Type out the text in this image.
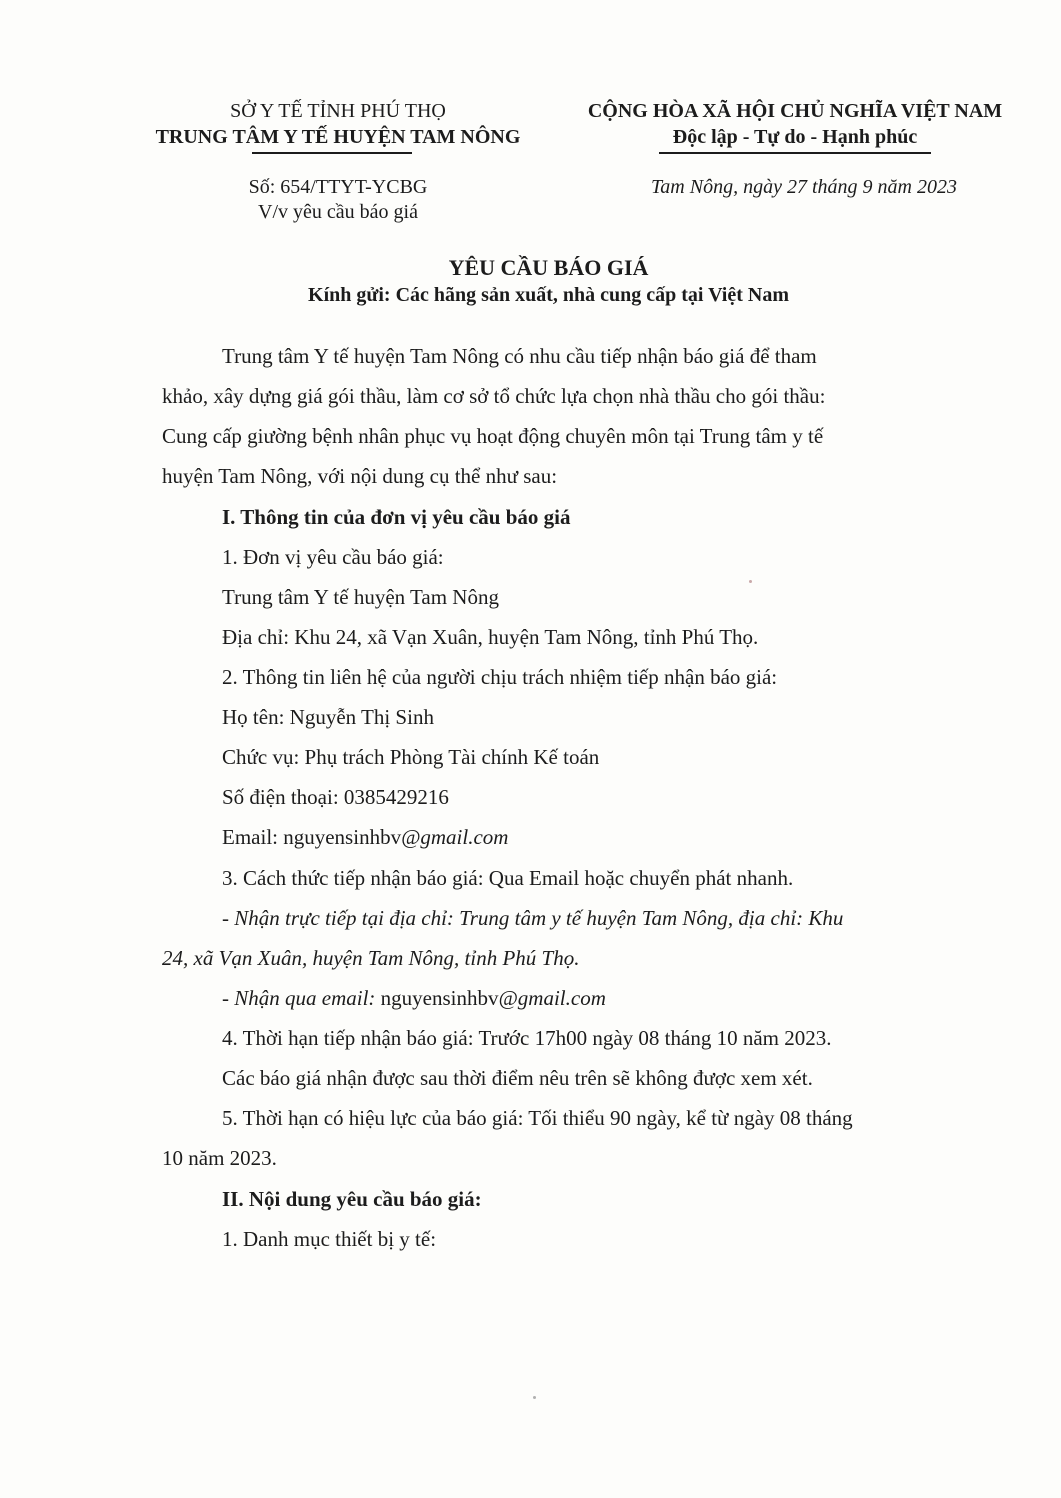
SỞ Y TẾ TỈNH PHÚ THỌ
TRUNG TÂM Y TẾ HUYỆN TAM NÔNG
CỘNG HÒA XÃ HỘI CHỦ NGHĨA VIỆT NAM
Độc lập - Tự do - Hạnh phúc
Số: 654/TTYT-YCBG
V/v yêu cầu báo giá
Tam Nông, ngày 27 tháng 9 năm 2023
YÊU CẦU BÁO GIÁ
Kính gửi: Các hãng sản xuất, nhà cung cấp tại Việt Nam
Trung tâm Y tế huyện Tam Nông có nhu cầu tiếp nhận báo giá để tham
khảo, xây dựng giá gói thầu, làm cơ sở tổ chức lựa chọn nhà thầu cho gói thầu:
Cung cấp giường bệnh nhân phục vụ hoạt động chuyên môn tại Trung tâm y tế
huyện Tam Nông, với nội dung cụ thể như sau:
I. Thông tin của đơn vị yêu cầu báo giá
1. Đơn vị yêu cầu báo giá:
Trung tâm Y tế huyện Tam Nông
Địa chỉ: Khu 24, xã Vạn Xuân, huyện Tam Nông, tỉnh Phú Thọ.
2. Thông tin liên hệ của người chịu trách nhiệm tiếp nhận báo giá:
Họ tên: Nguyễn Thị Sinh
Chức vụ: Phụ trách Phòng Tài chính Kế toán
Số điện thoại: 0385429216
Email: nguyensinhbv@gmail.com
3. Cách thức tiếp nhận báo giá: Qua Email hoặc chuyển phát nhanh.
- Nhận trực tiếp tại địa chỉ: Trung tâm y tế huyện Tam Nông, địa chỉ: Khu
24, xã Vạn Xuân, huyện Tam Nông, tỉnh Phú Thọ.
- Nhận qua email: nguyensinhbv@gmail.com
4. Thời hạn tiếp nhận báo giá: Trước 17h00 ngày 08 tháng 10 năm 2023.
Các báo giá nhận được sau thời điểm nêu trên sẽ không được xem xét.
5. Thời hạn có hiệu lực của báo giá: Tối thiểu 90 ngày, kể từ ngày 08 tháng
10 năm 2023.
II. Nội dung yêu cầu báo giá:
1. Danh mục thiết bị y tế:
